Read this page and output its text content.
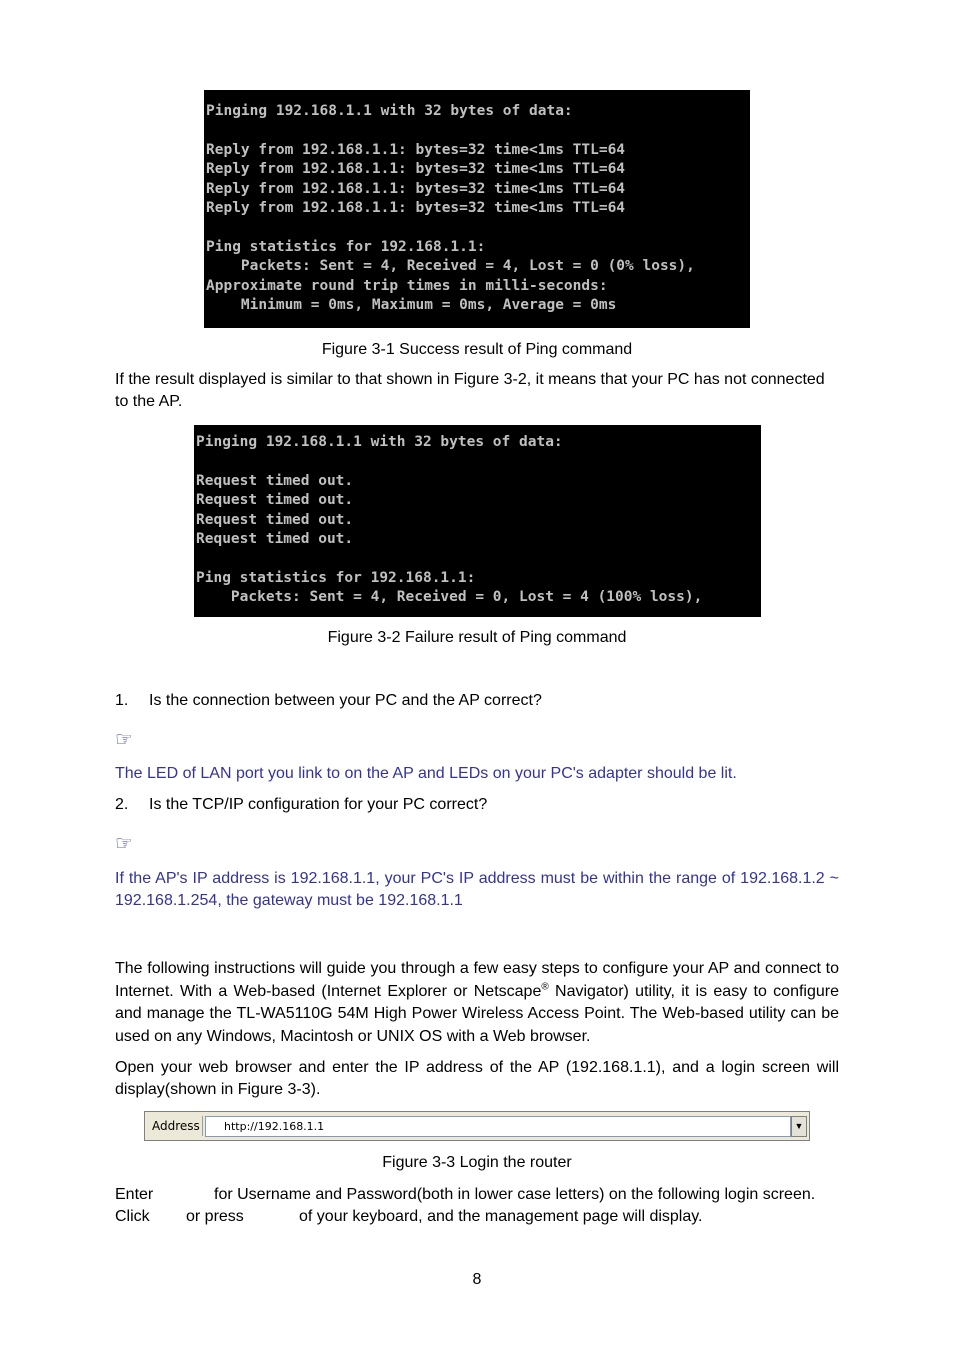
Pinging 192.168.1.1 with 32 bytes of data:

Reply from 192.168.1.1: bytes=32 time<1ms TTL=64
Reply from 192.168.1.1: bytes=32 time<1ms TTL=64
Reply from 192.168.1.1: bytes=32 time<1ms TTL=64
Reply from 192.168.1.1: bytes=32 time<1ms TTL=64

Ping statistics for 192.168.1.1:
Packets: Sent = 4, Received = 4, Lost = 0 (0% loss),
Approximate round trip times in milli-seconds:
Minimum = 0ms, Maximum = 0ms, Average = 0ms
Figure 3-1 Success result of Ping command
If the result displayed is similar to that shown in Figure 3-2, it means that your PC has not connected to the AP.
Pinging 192.168.1.1 with 32 bytes of data:

Request timed out.
Request timed out.
Request timed out.
Request timed out.

Ping statistics for 192.168.1.1:
Packets: Sent = 4, Received = 0, Lost = 4 (100% loss),
Figure 3-2 Failure result of Ping command
1. Is the connection between your PC and the AP correct?
☞
The LED of LAN port you link to on the AP and LEDs on your PC's adapter should be lit.
2. Is the TCP/IP configuration for your PC correct?
☞
If the AP's IP address is 192.168.1.1, your PC's IP address must be within the range of 192.168.1.2 ~ 192.168.1.254, the gateway must be 192.168.1.1
The following instructions will guide you through a few easy steps to configure your AP and connect to Internet. With a Web-based (Internet Explorer or Netscape® Navigator) utility, it is easy to configure and manage the TL-WA5110G 54M High Power Wireless Access Point. The Web-based utility can be used on any Windows, Macintosh or UNIX OS with a Web browser.
Open your web browser and enter the IP address of the AP (192.168.1.1), and a login screen will display(shown in Figure 3-3).
Address	http://192.168.1.1	▼
Figure 3-3 Login the router
Enter	for Username and Password(both in lower case letters) on the following login screen.
Click or press	of your keyboard, and the management page will display.
8
